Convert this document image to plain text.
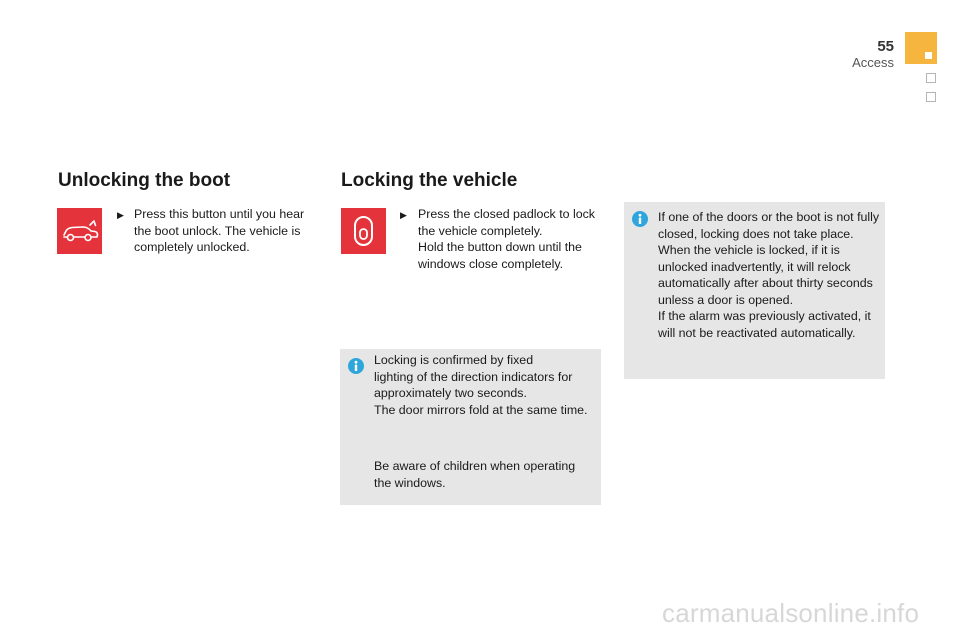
55
Access
Unlocking the boot
▶ Press this button until you hear
the boot unlock. The vehicle is
completely unlocked.
Locking the vehicle
▶ Press the closed padlock to lock
the vehicle completely.
Hold the button down until the
windows close completely.
Locking is confirmed by fixed
lighting of the direction indicators for
approximately two seconds.
The door mirrors fold at the same time.
Be aware of children when operating
the windows.
If one of the doors or the boot is not fully
closed, locking does not take place.
When the vehicle is locked, if it is
unlocked inadvertently, it will relock
automatically after about thirty seconds
unless a door is opened.
If the alarm was previously activated, it
will not be reactivated automatically.
carmanualsonline.info
